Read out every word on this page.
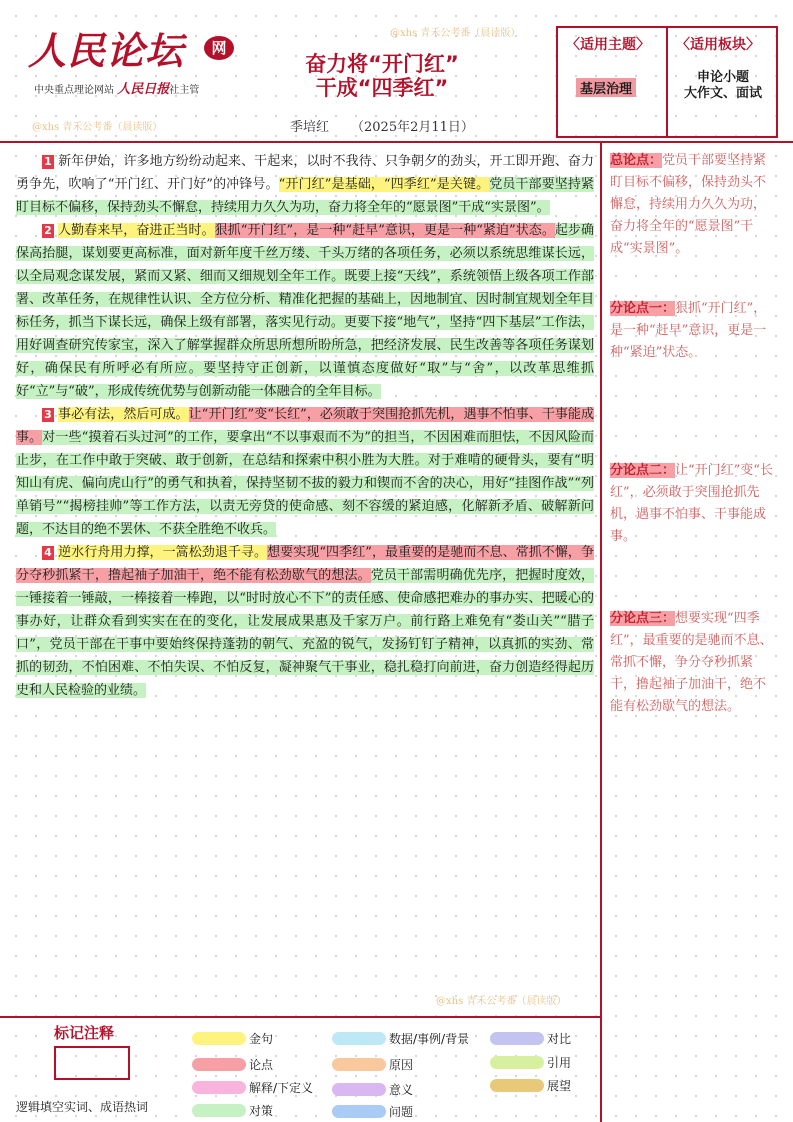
人民论坛	网
中央重点理论网站 人民日报社主管
@xhs 青禾公考番（晨读版）
@xhs 青禾公考番（晨读版）
@xhs 青禾公考番（晨读版）
奋力将“开门红”
干成“四季红”
季培红 （2025年2月11日）
〈适用主题〉 〈适用板块〉
基层治理
申论小题
大作文、面试

1 新年伊始，许多地方纷纷动起来、干起来，以时不我待、只争朝夕的劲头，开工即开跑、奋力勇争先，吹响了“开门红、开门好”的冲锋号。“开门红”是基础，“四季红”是关键。党员干部要坚持紧盯目标不偏移，保持劲头不懈怠，持续用力久久为功，奋力将全年的“愿景图”干成“实景图”。

2 人勤春来早，奋进正当时。狠抓“开门红”，是一种“赶早”意识，更是一种“紧迫”状态。起步确保高抬腿，谋划要更高标准，面对新年度千丝万缕、千头万绪的各项任务，必须以系统思维谋长远，以全局观念谋发展，紧而又紧、细而又细规划全年工作。既要上接“天线”，系统领悟上级各项工作部署、改革任务，在规律性认识、全方位分析、精准化把握的基础上，因地制宜、因时制宜规划全年目标任务，抓当下谋长远，确保上级有部署，落实见行动。更要下接“地气”，坚持“四下基层”工作法，用好调查研究传家宝，深入了解掌握群众所思所想所盼所急，把经济发展、民生改善等各项任务谋划好，确保民有所呼必有所应。要坚持守正创新，以谨慎态度做好“取”与“舍”，以改革思维抓好“立”与“破”，形成传统优势与创新动能一体融合的全年目标。

3 事必有法，然后可成。让“开门红”变“长红”，必须敢于突围抢抓先机，遇事不怕事、干事能成事。对一些“摸着石头过河”的工作，要拿出“不以事艰而不为”的担当，不因困难而胆怯，不因风险而止步，在工作中敢于突破、敢于创新，在总结和探索中积小胜为大胜。对于难啃的硬骨头，要有“明知山有虎、偏向虎山行”的勇气和执着，保持坚韧不拔的毅力和锲而不舍的决心，用好“挂图作战”“列单销号”“揭榜挂帅”等工作方法，以责无旁贷的使命感、刻不容缓的紧迫感，化解新矛盾、破解新问题，不达目的绝不罢休、不获全胜绝不收兵。

4 逆水行舟用力撑，一篙松劲退千寻。想要实现“四季红”，最重要的是驰而不息、常抓不懈，争分夺秒抓紧干，撸起袖子加油干，绝不能有松劲歇气的想法。党员干部需明确优先序，把握时度效，一锤接着一锤敲，一棒接着一棒跑，以“时时放心不下”的责任感、使命感把难办的事办实、把暖心的事办好，让群众看到实实在在的变化，让发展成果惠及千家万户。前行路上难免有“娄山关”“腊子口”，党员干部在干事中要始终保持蓬勃的朝气、充盈的锐气，发扬钉钉子精神，以真抓的实劲、常抓的韧劲，不怕困难、不怕失误、不怕反复，凝神聚气干事业，稳扎稳打向前进，奋力创造经得起历史和人民检验的业绩。

总论点：党员干部要坚持紧盯目标不偏移，保持劲头不懈怠，持续用力久久为功，奋力将全年的“愿景图”干成“实景图”。
分论点一：狠抓“开门红”，是一种“赶早”意识，更是一种“紧迫”状态。
分论点二：让“开门红”变“长红”，必须敢于突围抢抓先机，遇事不怕事、干事能成事。
分论点三：想要实现“四季红”，最重要的是驰而不息、常抓不懈，争分夺秒抓紧干，撸起袖子加油干，绝不能有松劲歇气的想法。
标记注释
逻辑填空实词、成语热词
金句
论点
解释/下定义
对策
数据/事例/背景
原因
意义
问题
对比
引用
展望
